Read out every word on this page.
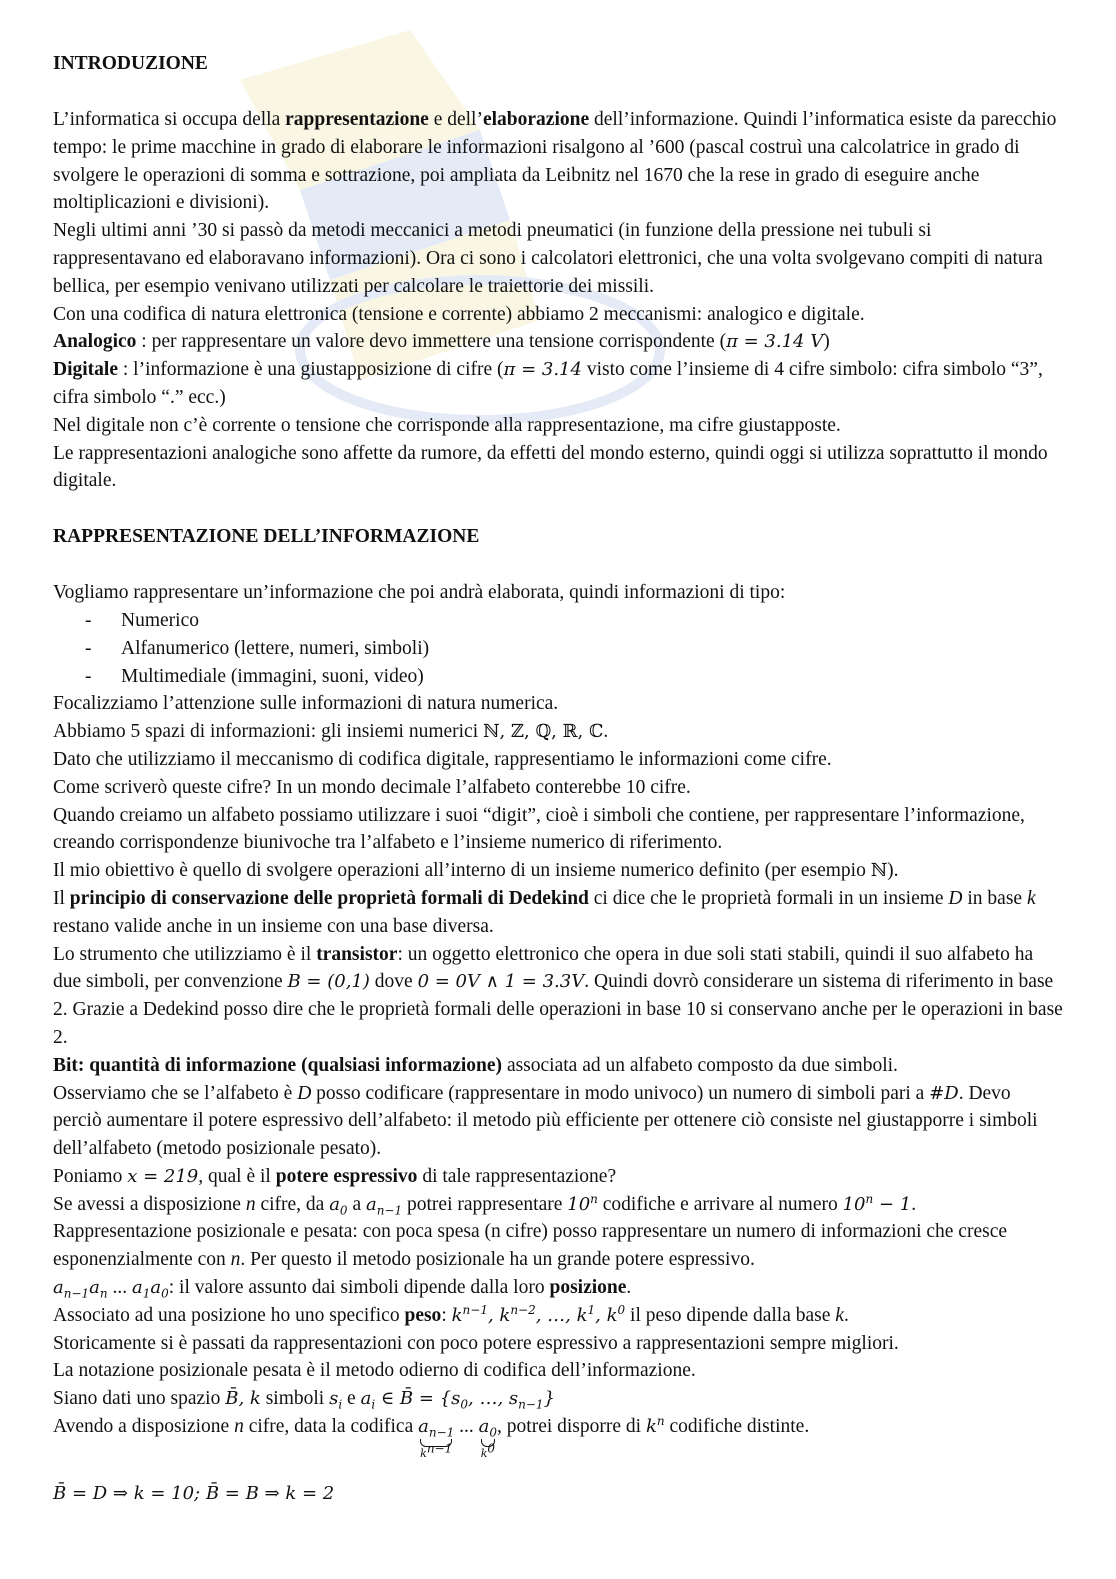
INTRODUZIONE

L’informatica si occupa della rappresentazione e dell’elaborazione dell’informazione. Quindi l’informatica esiste da parecchio tempo: le prime macchine in grado di elaborare le informazioni risalgono al ’600 (pascal costruì una calcolatrice in grado di svolgere le operazioni di somma e sottrazione, poi ampliata da Leibnitz nel 1670 che la rese in grado di eseguire anche moltiplicazioni e divisioni).

Negli ultimi anni ’30 si passò da metodi meccanici a metodi pneumatici (in funzione della pressione nei tubuli si rappresentavano ed elaboravano informazioni). Ora ci sono i calcolatori elettronici, che una volta svolgevano compiti di natura bellica, per esempio venivano utilizzati per calcolare le traiettorie dei missili.

Con una codifica di natura elettronica (tensione e corrente) abbiamo 2 meccanismi: analogico e digitale.

Analogico : per rappresentare un valore devo immettere una tensione corrispondente (π = 3.14 V)

Digitale : l’informazione è una giustapposizione di cifre (π = 3.14 visto come l’insieme di 4 cifre simbolo: cifra simbolo “3”, cifra simbolo “.” ecc.)

Nel digitale non c’è corrente o tensione che corrisponde alla rappresentazione, ma cifre giustapposte.

Le rappresentazioni analogiche sono affette da rumore, da effetti del mondo esterno, quindi oggi si utilizza soprattutto il mondo digitale.

RAPPRESENTAZIONE DELL’INFORMAZIONE

Vogliamo rappresentare un’informazione che poi andrà elaborata, quindi informazioni di tipo:

- Numerico
- Alfanumerico (lettere, numeri, simboli)
- Multimediale (immagini, suoni, video)

Focalizziamo l’attenzione sulle informazioni di natura numerica.

Abbiamo 5 spazi di informazioni: gli insiemi numerici ℕ, ℤ, ℚ, ℝ, ℂ.

Dato che utilizziamo il meccanismo di codifica digitale, rappresentiamo le informazioni come cifre.

Come scriverò queste cifre? In un mondo decimale l’alfabeto conterebbe 10 cifre.

Quando creiamo un alfabeto possiamo utilizzare i suoi “digit”, cioè i simboli che contiene, per rappresentare l’informazione, creando corrispondenze biunivoche tra l’alfabeto e l’insieme numerico di riferimento.

Il mio obiettivo è quello di svolgere operazioni all’interno di un insieme numerico definito (per esempio ℕ).

Il principio di conservazione delle proprietà formali di Dedekind ci dice che le proprietà formali in un insieme D in base k restano valide anche in un insieme con una base diversa.

Lo strumento che utilizziamo è il transistor: un oggetto elettronico che opera in due soli stati stabili, quindi il suo alfabeto ha due simboli, per convenzione B = (0,1) dove 0 = 0V ∧ 1 = 3.3V. Quindi dovrò considerare un sistema di riferimento in base 2. Grazie a Dedekind posso dire che le proprietà formali delle operazioni in base 10 si conservano anche per le operazioni in base 2.

Bit: quantità di informazione (qualsiasi informazione) associata ad un alfabeto composto da due simboli.

Osserviamo che se l’alfabeto è D posso codificare (rappresentare in modo univoco) un numero di simboli pari a #D. Devo perciò aumentare il potere espressivo dell’alfabeto: il metodo più efficiente per ottenere ciò consiste nel giustapporre i simboli dell’alfabeto (metodo posizionale pesato).

Poniamo x = 219, qual è il potere espressivo di tale rappresentazione?

Se avessi a disposizione n cifre, da $a_0$ a $a_{n-1}$ potrei rappresentare 10$^n$ codifiche e arrivare al numero $10^n - 1$.

Rappresentazione posizionale e pesata: con poca spesa (n cifre) posso rappresentare un numero di informazioni che cresce esponenzialmente con n. Per questo il metodo posizionale ha un grande potere espressivo.

$a_{n-1}a_n$ ... $a_1a_0$: il valore assunto dai simboli dipende dalla loro posizione.

Associato ad una posizione ho uno specifico peso: $k^{n-1}$, $k^{n-2}$, …, $k^1$, $k^0$ il peso dipende dalla base k.

Storicamente si è passati da rappresentazioni con poco potere espressivo a rappresentazioni sempre migliori.

La notazione posizionale pesata è il metodo odierno di codifica dell’informazione.

Siano dati uno spazio B̄, k simboli $s_i$ e $a_i$ ∈ B̄ = {$s_0$, …, $s_{n-1}$}

Avendo a disposizione n cifre, data la codifica $a_{n-1}$
$k^{n-1}$
... $a_0$
$k^0$
, potrei disporre di $k^n$ codifiche distinte.

B̄ = D ⇒ k = 10; B̄ = B ⇒ k = 2
